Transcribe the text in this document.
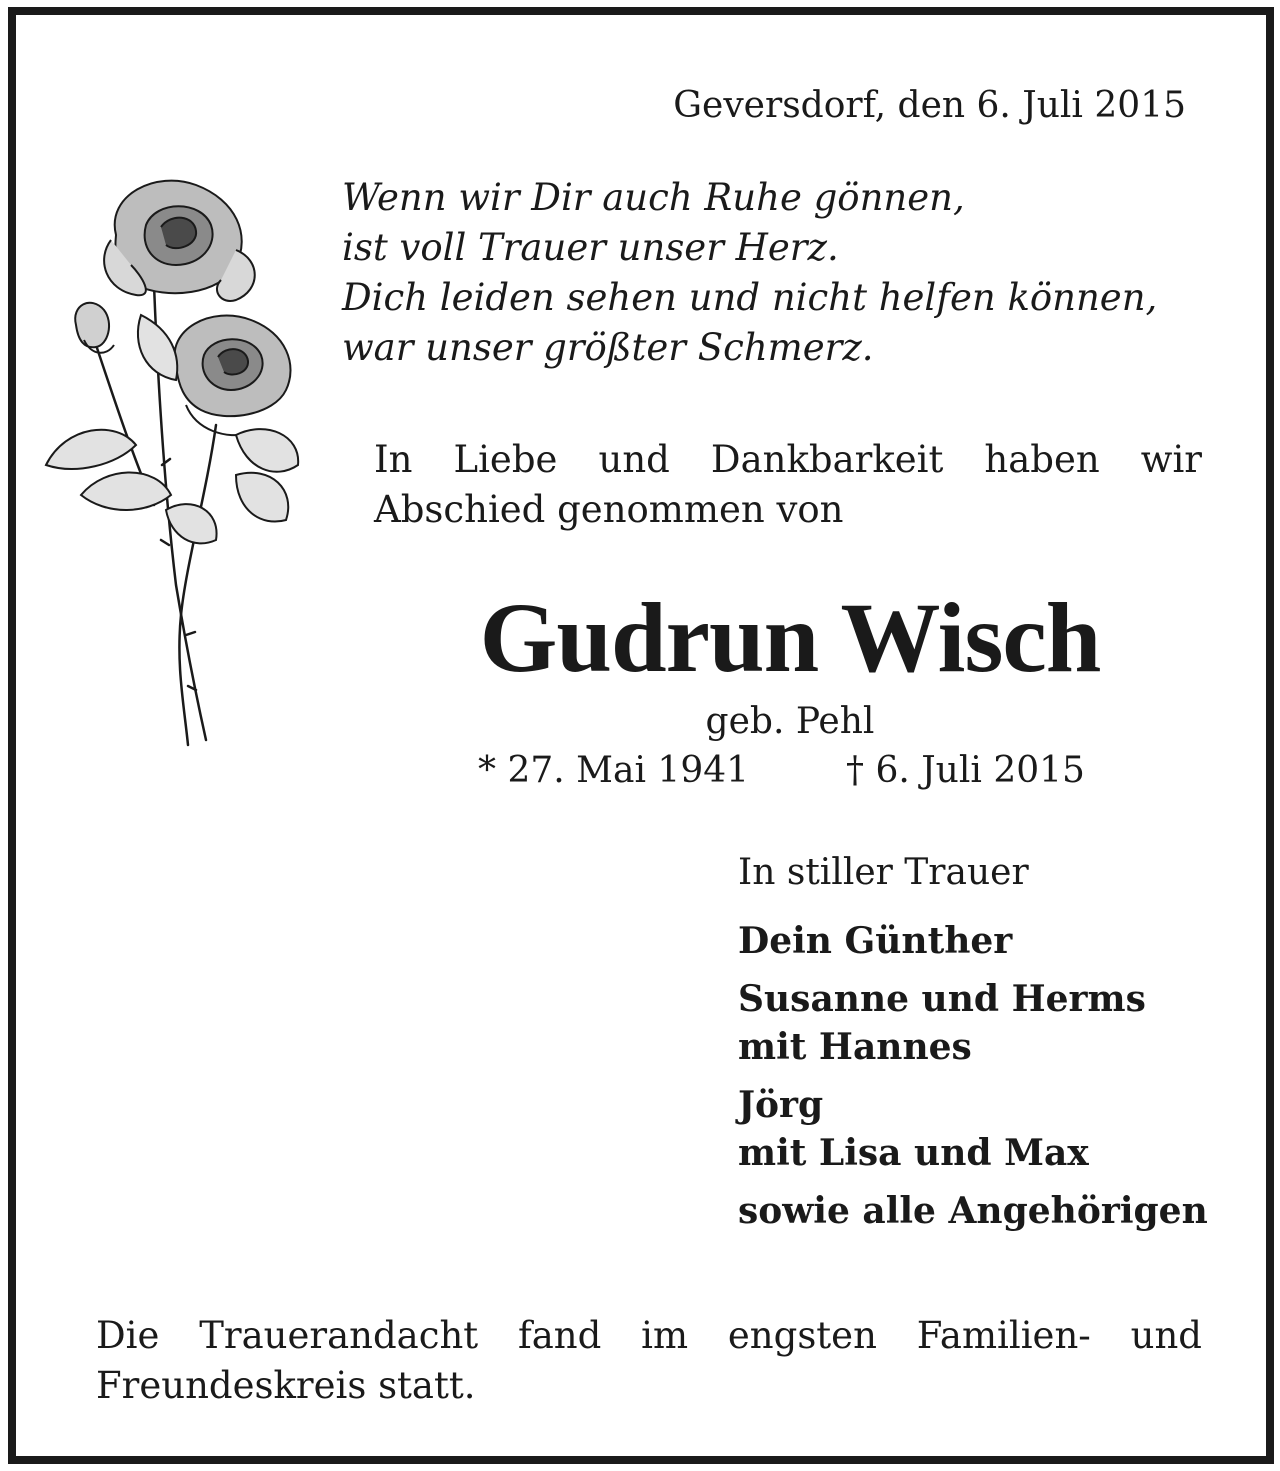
Geversdorf, den 6. Juli 2015
Wenn wir Dir auch Ruhe gönnen,
ist voll Trauer unser Herz.
Dich leiden sehen und nicht helfen können,
war unser größter Schmerz.
In Liebe und Dankbarkeit haben wir
Abschied genommen von
Gudrun Wisch
geb. Pehl
* 27. Mai 1941	† 6. Juli 2015
In stiller Trauer
Dein Günther
Susanne und Herms
mit Hannes
Jörg
mit Lisa und Max
sowie alle Angehörigen
Die Trauerandacht fand im engsten Familien- und
Freundeskreis statt.
